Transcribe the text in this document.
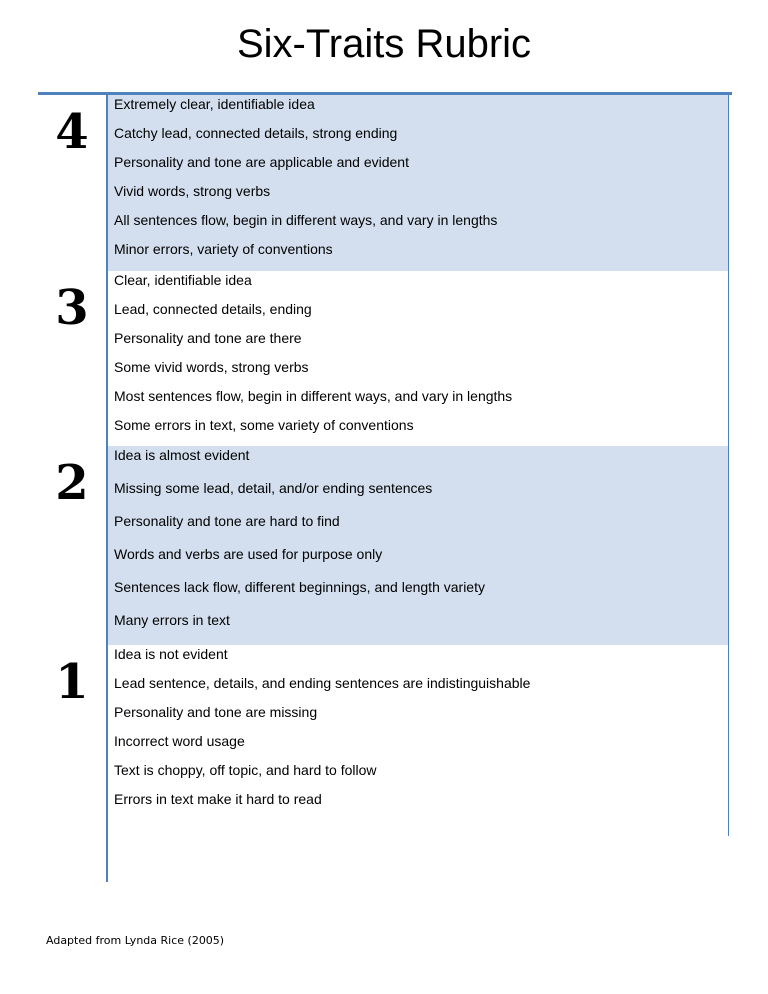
Six-Traits Rubric
Extremely clear, identifiable idea
Catchy lead, connected details, strong ending
Personality and tone are applicable and evident
Vivid words, strong verbs
All sentences flow, begin in different ways, and vary in lengths
Minor errors, variety of conventions
4
Clear, identifiable idea
Lead, connected details, ending
Personality and tone are there
Some vivid words, strong verbs
Most sentences flow, begin in different ways, and vary in lengths
Some errors in text, some variety of conventions
3
Idea is almost evident
Missing some lead, detail, and/or ending sentences
Personality and tone are hard to find
Words and verbs are used for purpose only
Sentences lack flow, different beginnings, and length variety
Many errors in text
2
Idea is not evident
Lead sentence, details, and ending sentences are indistinguishable
Personality and tone are missing
Incorrect word usage
Text is choppy, off topic, and hard to follow
Errors in text make it hard to read
1
Adapted from Lynda Rice (2005)
